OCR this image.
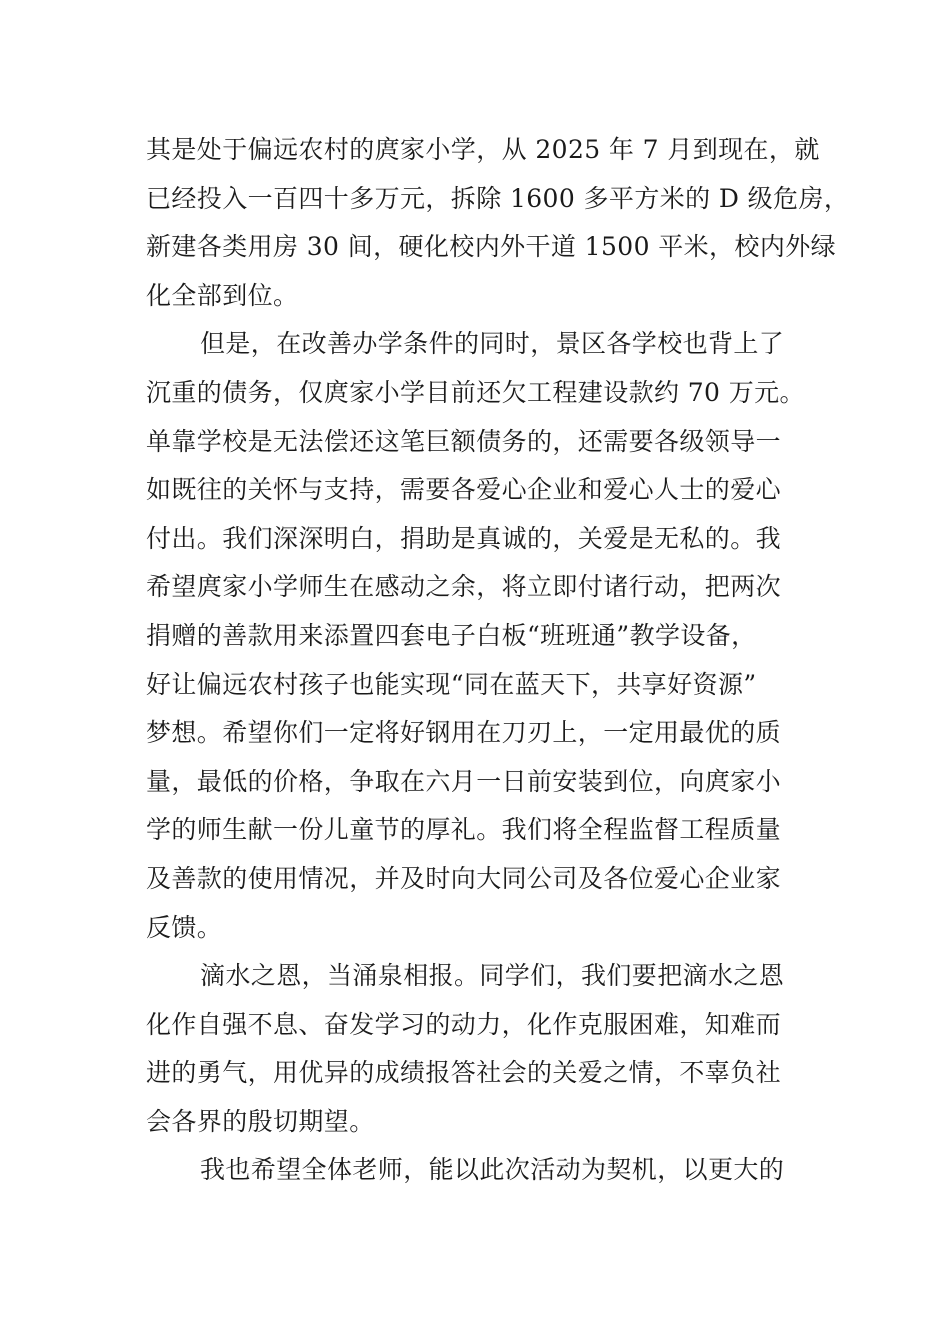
其是处于偏远农村的庹家小学，从 2025 年 7 月到现在，就
已经投入一百四十多万元，拆除 1600 多平方米的 D 级危房，
新建各类用房 30 间，硬化校内外干道 1500 平米，校内外绿
化全部到位。
但是，在改善办学条件的同时，景区各学校也背上了
沉重的债务，仅庹家小学目前还欠工程建设款约 70 万元。
单靠学校是无法偿还这笔巨额债务的，还需要各级领导一
如既往的关怀与支持，需要各爱心企业和爱心人士的爱心
付出。我们深深明白，捐助是真诚的，关爱是无私的。我
希望庹家小学师生在感动之余，将立即付诸行动，把两次
捐赠的善款用来添置四套电子白板“班班通”教学设备，
好让偏远农村孩子也能实现“同在蓝天下，共享好资源”
梦想。希望你们一定将好钢用在刀刃上，一定用最优的质
量，最低的价格，争取在六月一日前安装到位，向庹家小
学的师生献一份儿童节的厚礼。我们将全程监督工程质量
及善款的使用情况，并及时向大同公司及各位爱心企业家
反馈。
滴水之恩，当涌泉相报。同学们，我们要把滴水之恩
化作自强不息、奋发学习的动力，化作克服困难，知难而
进的勇气，用优异的成绩报答社会的关爱之情，不辜负社
会各界的殷切期望。
我也希望全体老师，能以此次活动为契机，以更大的
